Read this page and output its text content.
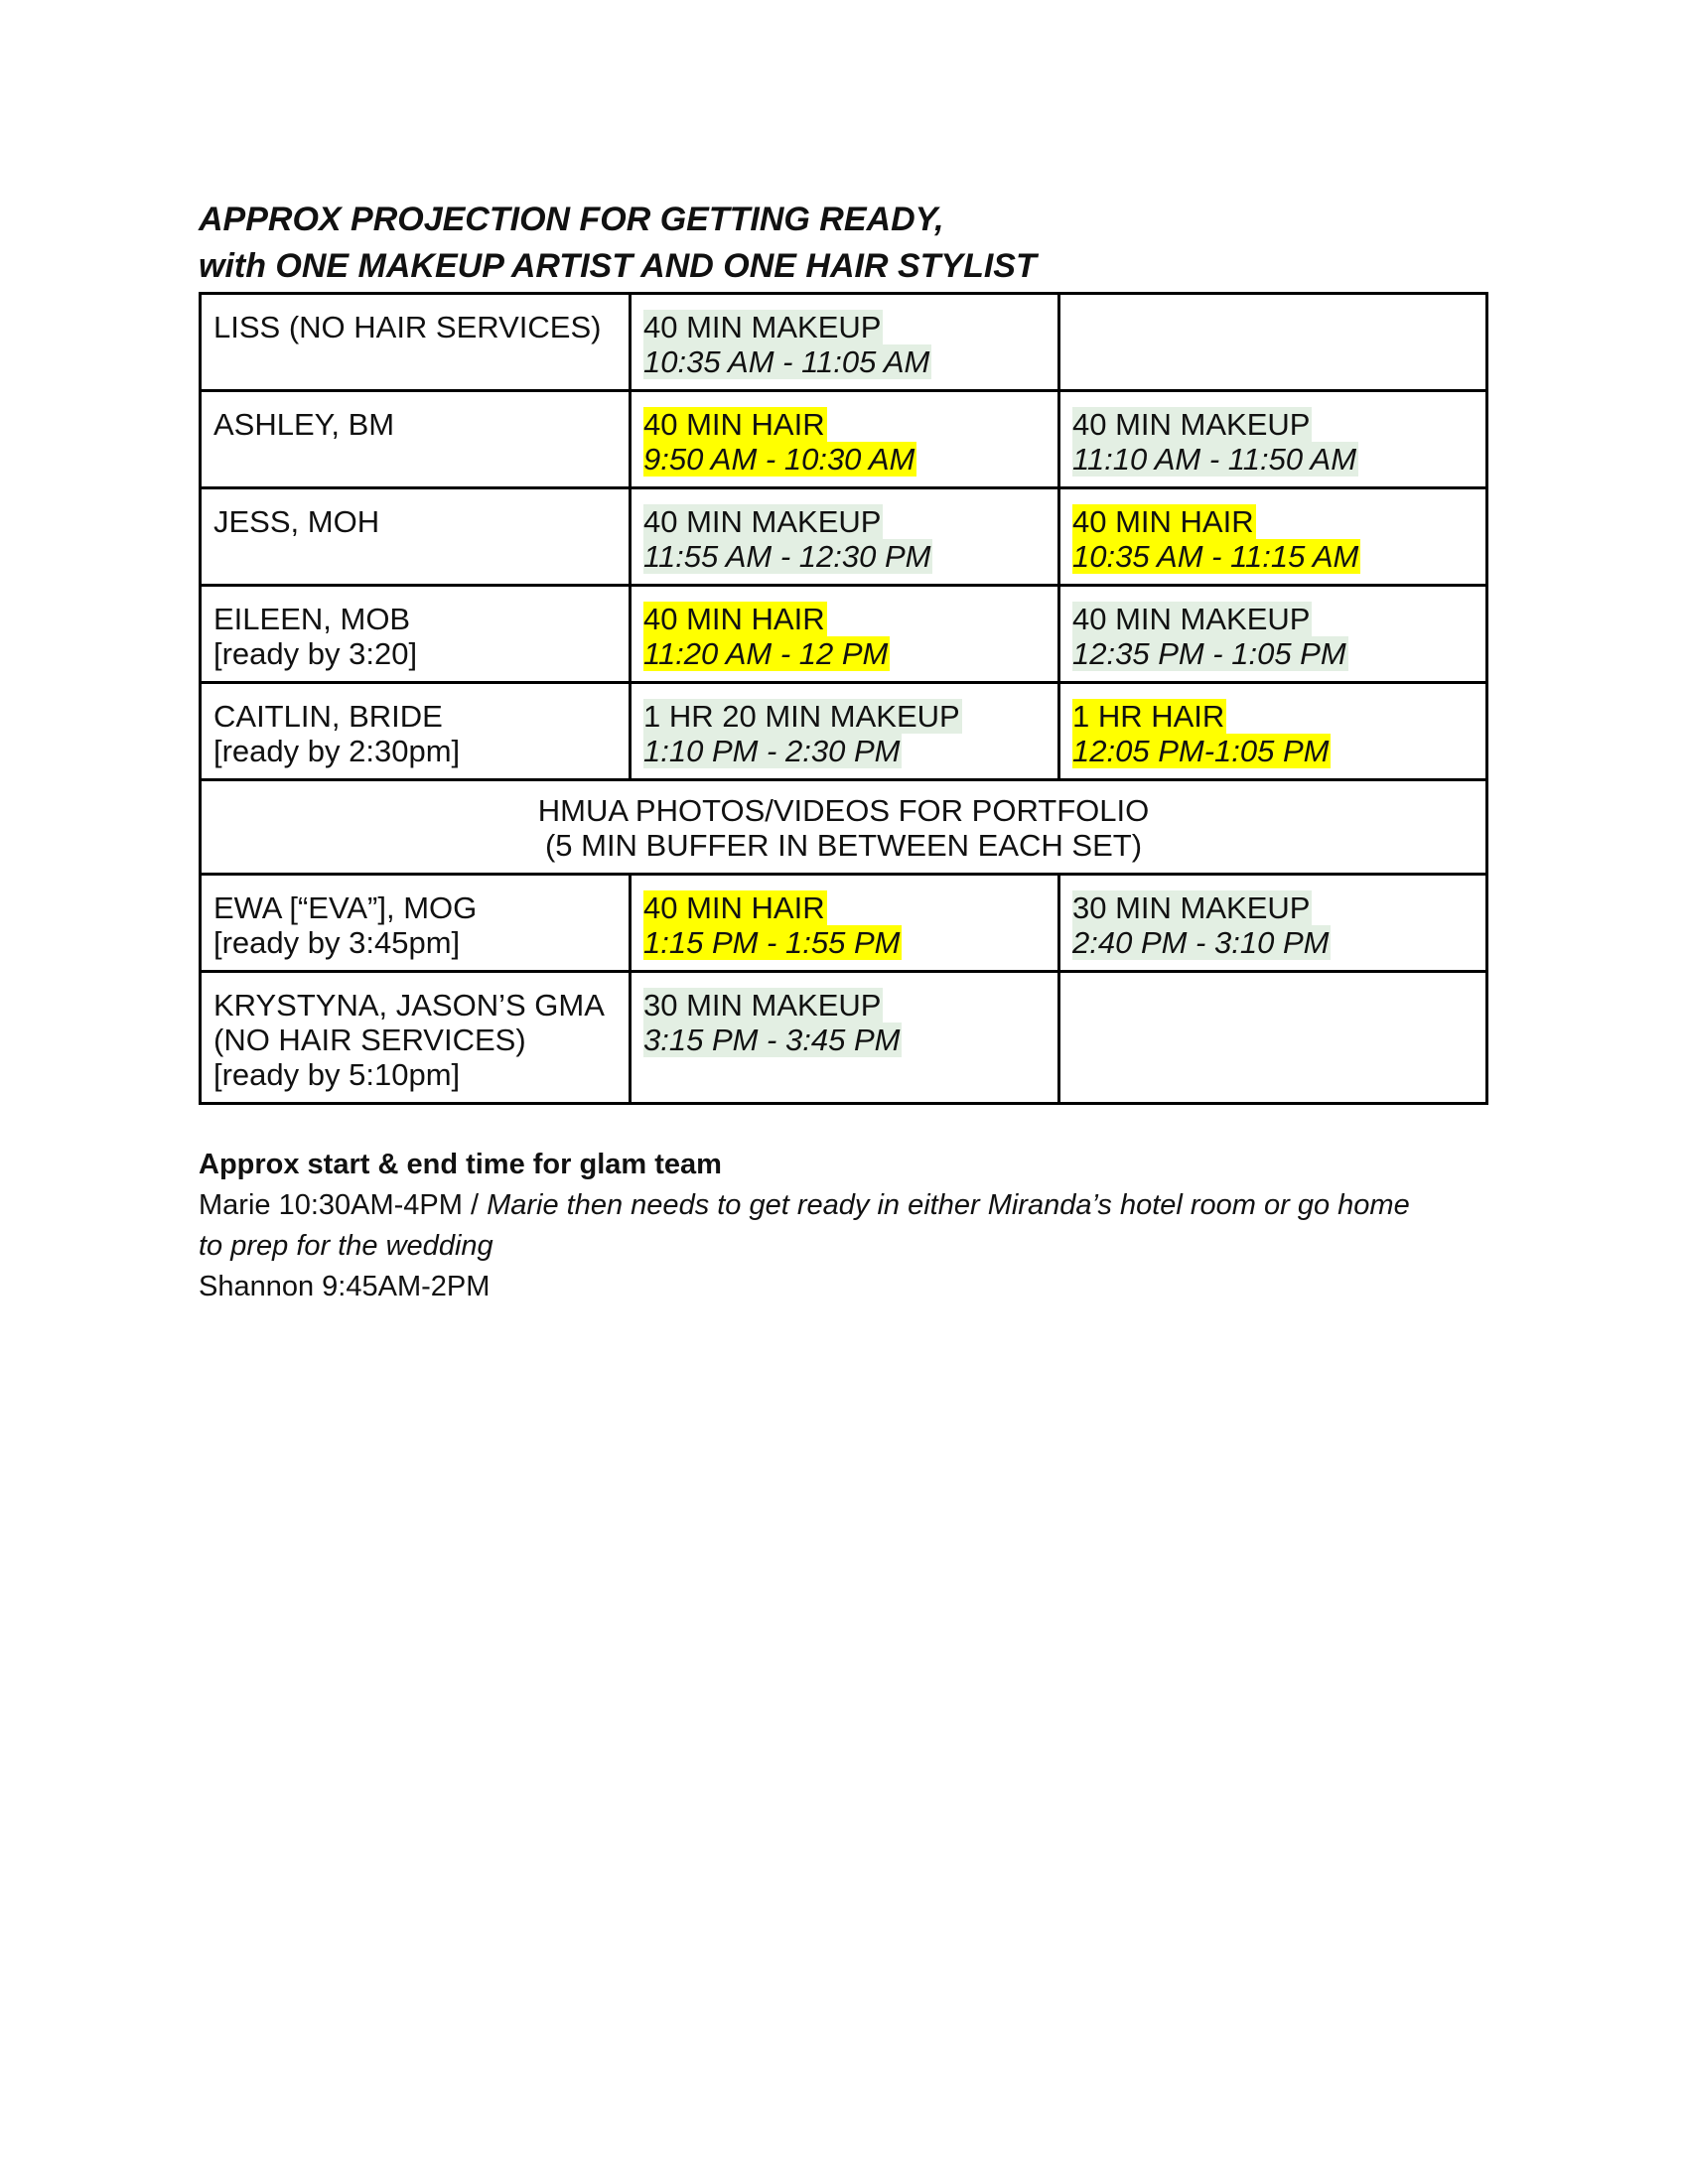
APPROX PROJECTION FOR GETTING READY,
with ONE MAKEUP ARTIST AND ONE HAIR STYLIST
LISS (NO HAIR SERVICES)	40 MIN MAKEUP
10:35 AM - 11:05 AM	

ASHLEY, BM	40 MIN HAIR
9:50 AM - 10:30 AM	40 MIN MAKEUP
11:10 AM - 11:50 AM

JESS, MOH	40 MIN MAKEUP
11:55 AM - 12:30 PM	40 MIN HAIR
10:35 AM - 11:15 AM

EILEEN, MOB
[ready by 3:20]	40 MIN HAIR
11:20 AM - 12 PM	40 MIN MAKEUP
12:35 PM - 1:05 PM

CAITLIN, BRIDE
[ready by 2:30pm]	1 HR 20 MIN MAKEUP
1:10 PM - 2:30 PM	1 HR HAIR
12:05 PM-1:05 PM

HMUA PHOTOS/VIDEOS FOR PORTFOLIO
(5 MIN BUFFER IN BETWEEN EACH SET)		

EWA [“EVA”], MOG
[ready by 3:45pm]	40 MIN HAIR
1:15 PM - 1:55 PM	30 MIN MAKEUP
2:40 PM - 3:10 PM

KRYSTYNA, JASON’S GMA
(NO HAIR SERVICES)
[ready by 5:10pm]	30 MIN MAKEUP
3:15 PM - 3:45 PM	

Approx start & end time for glam team
Marie 10:30AM-4PM / Marie then needs to get ready in either Miranda’s hotel room or go home
to prep for the wedding
Shannon 9:45AM-2PM
